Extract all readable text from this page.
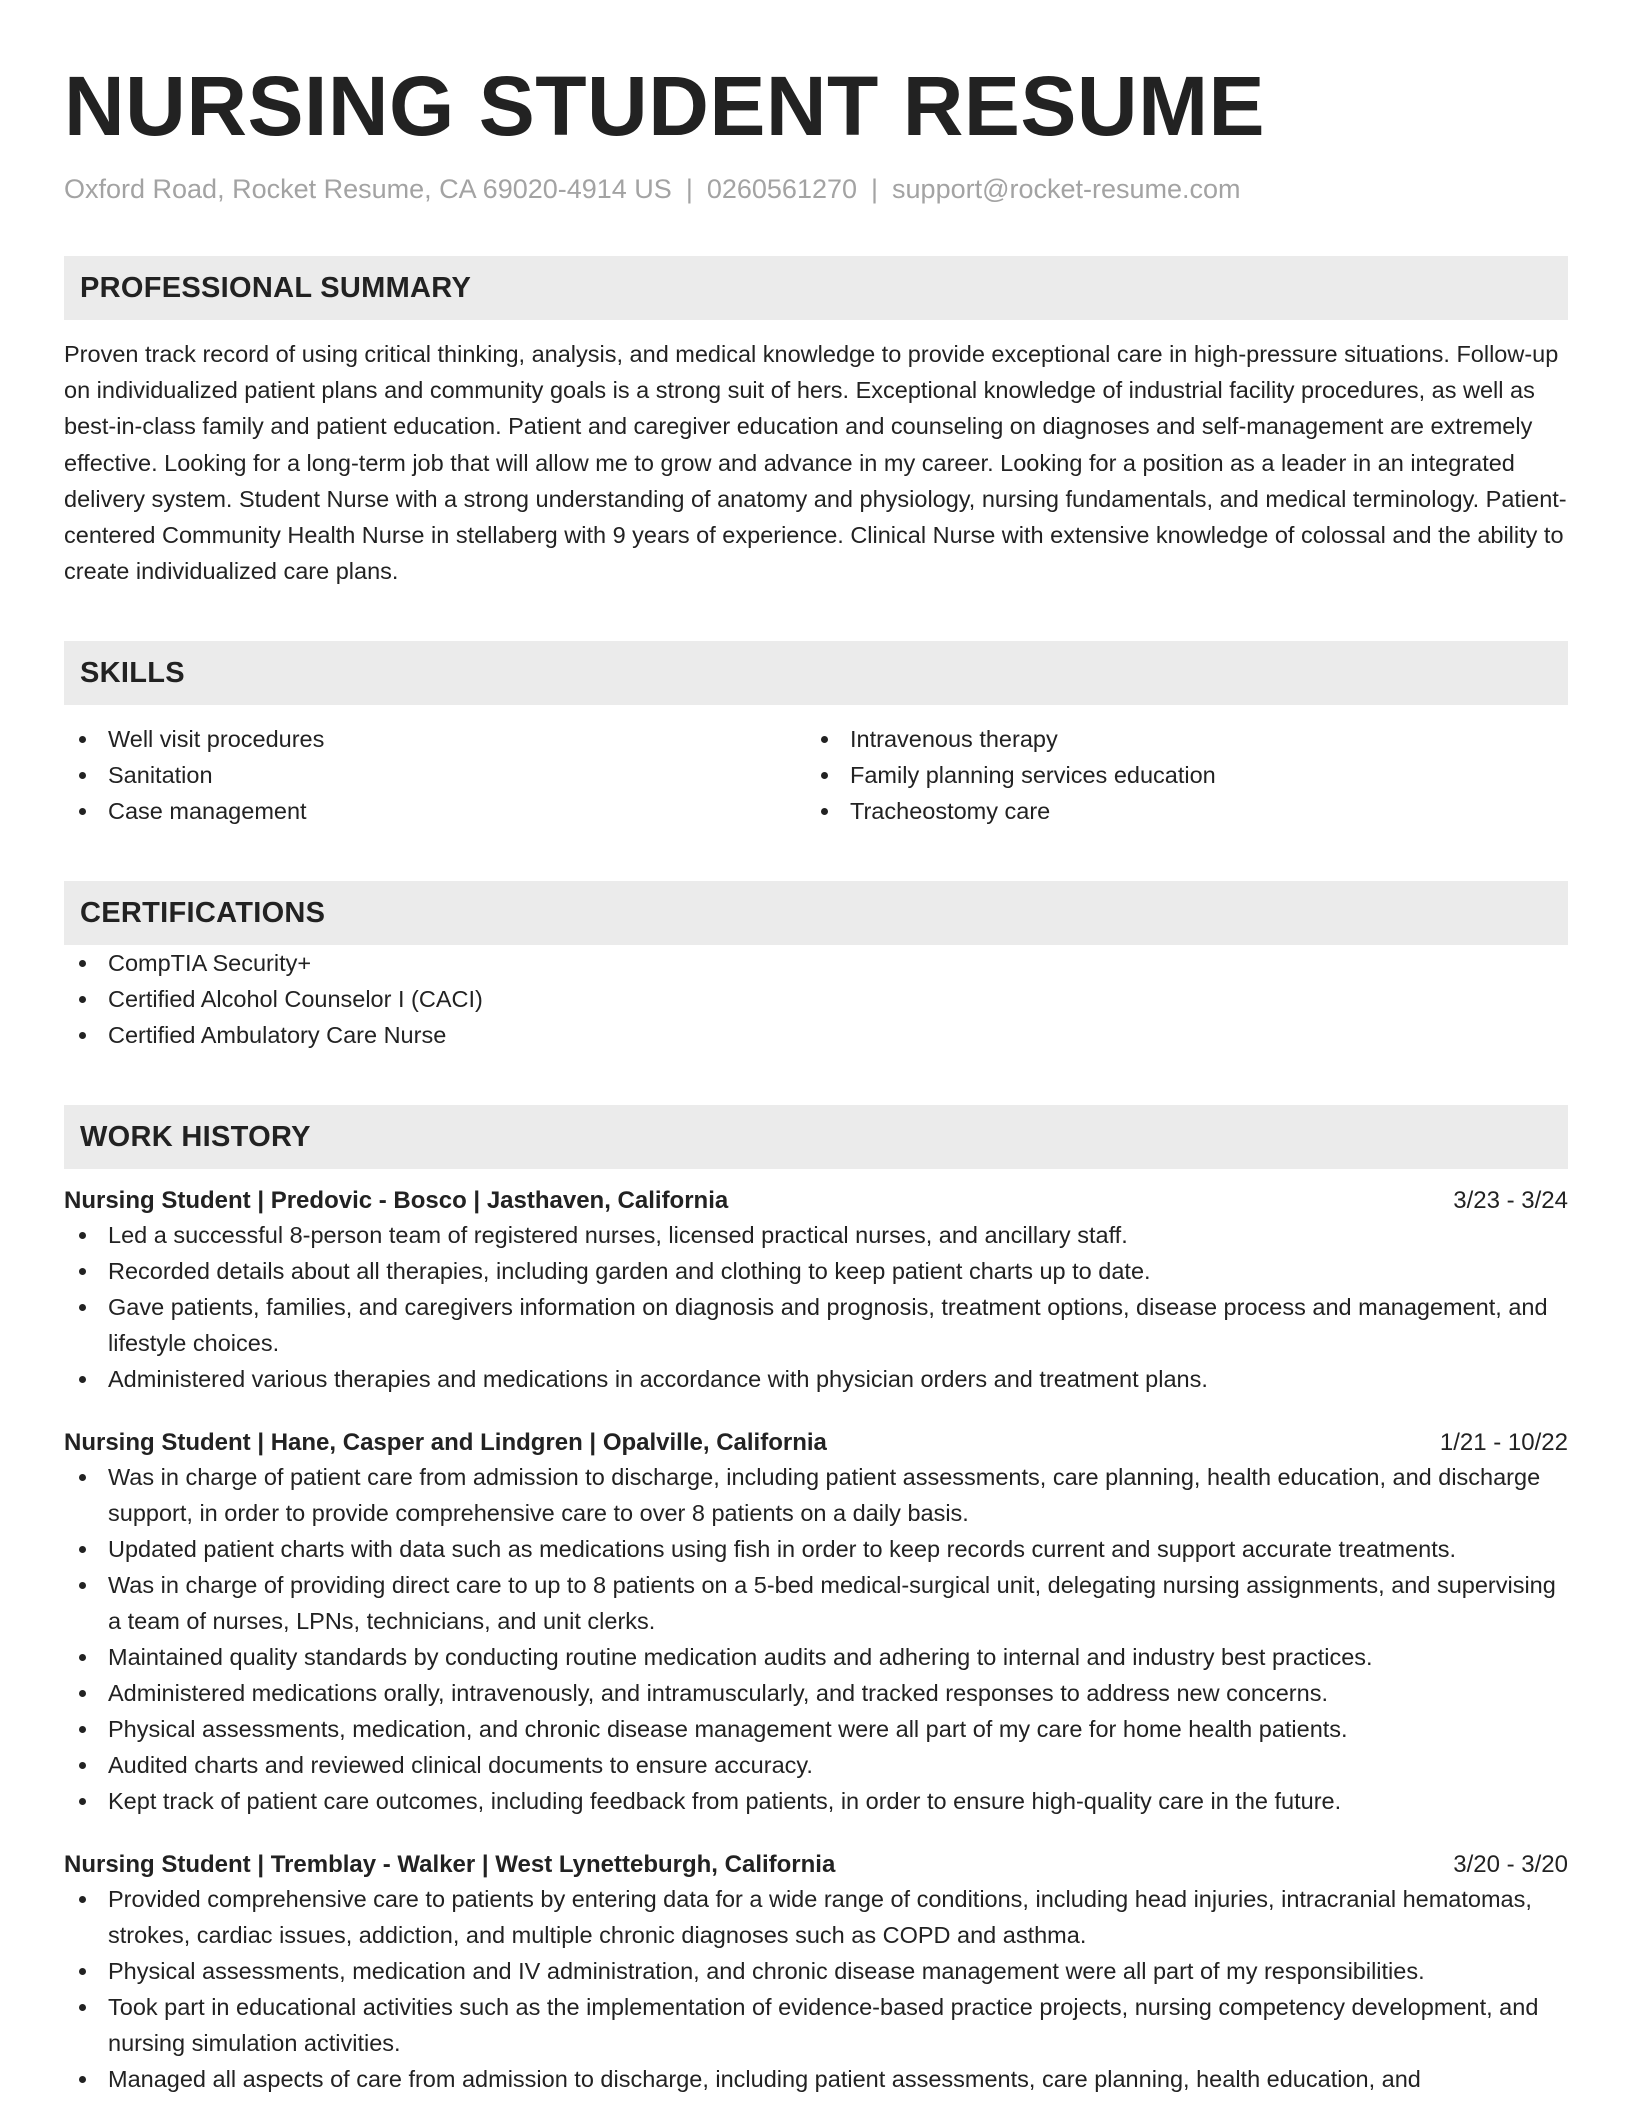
NURSING STUDENT RESUME
Oxford Road, Rocket Resume, CA 69020-4914 US | 0260561270 | support@rocket-resume.com
PROFESSIONAL SUMMARY
Proven track record of using critical thinking, analysis, and medical knowledge to provide exceptional care in high-pressure situations. Follow-up on individualized patient plans and community goals is a strong suit of hers. Exceptional knowledge of industrial facility procedures, as well as best-in-class family and patient education. Patient and caregiver education and counseling on diagnoses and self-management are extremely effective. Looking for a long-term job that will allow me to grow and advance in my career. Looking for a position as a leader in an integrated delivery system. Student Nurse with a strong understanding of anatomy and physiology, nursing fundamentals, and medical terminology. Patient-centered Community Health Nurse in stellaberg with 9 years of experience. Clinical Nurse with extensive knowledge of colossal and the ability to create individualized care plans.
SKILLS
Well visit procedures
Sanitation
Case management
Intravenous therapy
Family planning services education
Tracheostomy care
CERTIFICATIONS
CompTIA Security+
Certified Alcohol Counselor I (CACI)
Certified Ambulatory Care Nurse
WORK HISTORY
Nursing Student | Predovic - Bosco | Jasthaven, California	3/23 - 3/24
Led a successful 8-person team of registered nurses, licensed practical nurses, and ancillary staff.
Recorded details about all therapies, including garden and clothing to keep patient charts up to date.
Gave patients, families, and caregivers information on diagnosis and prognosis, treatment options, disease process and management, and lifestyle choices.
Administered various therapies and medications in accordance with physician orders and treatment plans.
Nursing Student | Hane, Casper and Lindgren | Opalville, California	1/21 - 10/22
Was in charge of patient care from admission to discharge, including patient assessments, care planning, health education, and discharge support, in order to provide comprehensive care to over 8 patients on a daily basis.
Updated patient charts with data such as medications using fish in order to keep records current and support accurate treatments.
Was in charge of providing direct care to up to 8 patients on a 5-bed medical-surgical unit, delegating nursing assignments, and supervising a team of nurses, LPNs, technicians, and unit clerks.
Maintained quality standards by conducting routine medication audits and adhering to internal and industry best practices.
Administered medications orally, intravenously, and intramuscularly, and tracked responses to address new concerns.
Physical assessments, medication, and chronic disease management were all part of my care for home health patients.
Audited charts and reviewed clinical documents to ensure accuracy.
Kept track of patient care outcomes, including feedback from patients, in order to ensure high-quality care in the future.
Nursing Student | Tremblay - Walker | West Lynetteburgh, California	3/20 - 3/20
Provided comprehensive care to patients by entering data for a wide range of conditions, including head injuries, intracranial hematomas, strokes, cardiac issues, addiction, and multiple chronic diagnoses such as COPD and asthma.
Physical assessments, medication and IV administration, and chronic disease management were all part of my responsibilities.
Took part in educational activities such as the implementation of evidence-based practice projects, nursing competency development, and nursing simulation activities.
Managed all aspects of care from admission to discharge, including patient assessments, care planning, health education, and
